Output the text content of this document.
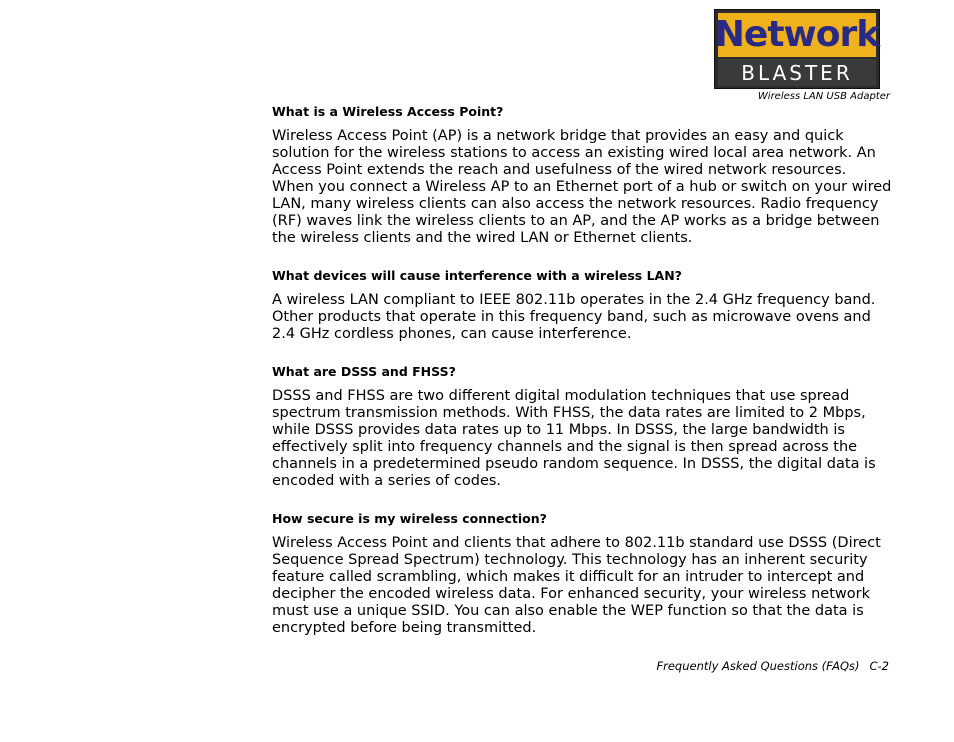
Network
BLASTER
Wireless LAN USB Adapter

What is a Wireless Access Point?

Wireless Access Point (AP) is a network bridge that provides an easy and quick solution for the wireless stations to access an existing wired local area network. An Access Point extends the reach and usefulness of the wired network resources. When you connect a Wireless AP to an Ethernet port of a hub or switch on your wired LAN, many wireless clients can also access the network resources. Radio frequency (RF) waves link the wireless clients to an AP, and the AP works as a bridge between the wireless clients and the wired LAN or Ethernet clients.

What devices will cause interference with a wireless LAN?

A wireless LAN compliant to IEEE 802.11b operates in the 2.4 GHz frequency band. Other products that operate in this frequency band, such as microwave ovens and 2.4 GHz cordless phones, can cause interference.

What are DSSS and FHSS?

DSSS and FHSS are two different digital modulation techniques that use spread spectrum transmission methods. With FHSS, the data rates are limited to 2 Mbps, while DSSS provides data rates up to 11 Mbps. In DSSS, the large bandwidth is effectively split into frequency channels and the signal is then spread across the channels in a predetermined pseudo random sequence. In DSSS, the digital data is encoded with a series of codes.

How secure is my wireless connection?

Wireless Access Point and clients that adhere to 802.11b standard use DSSS (Direct Sequence Spread Spectrum) technology. This technology has an inherent security feature called scrambling, which makes it difficult for an intruder to intercept and decipher the encoded wireless data. For enhanced security, your wireless network must use a unique SSID. You can also enable the WEP function so that the data is encrypted before being transmitted.

Frequently Asked Questions (FAQs) C-2
